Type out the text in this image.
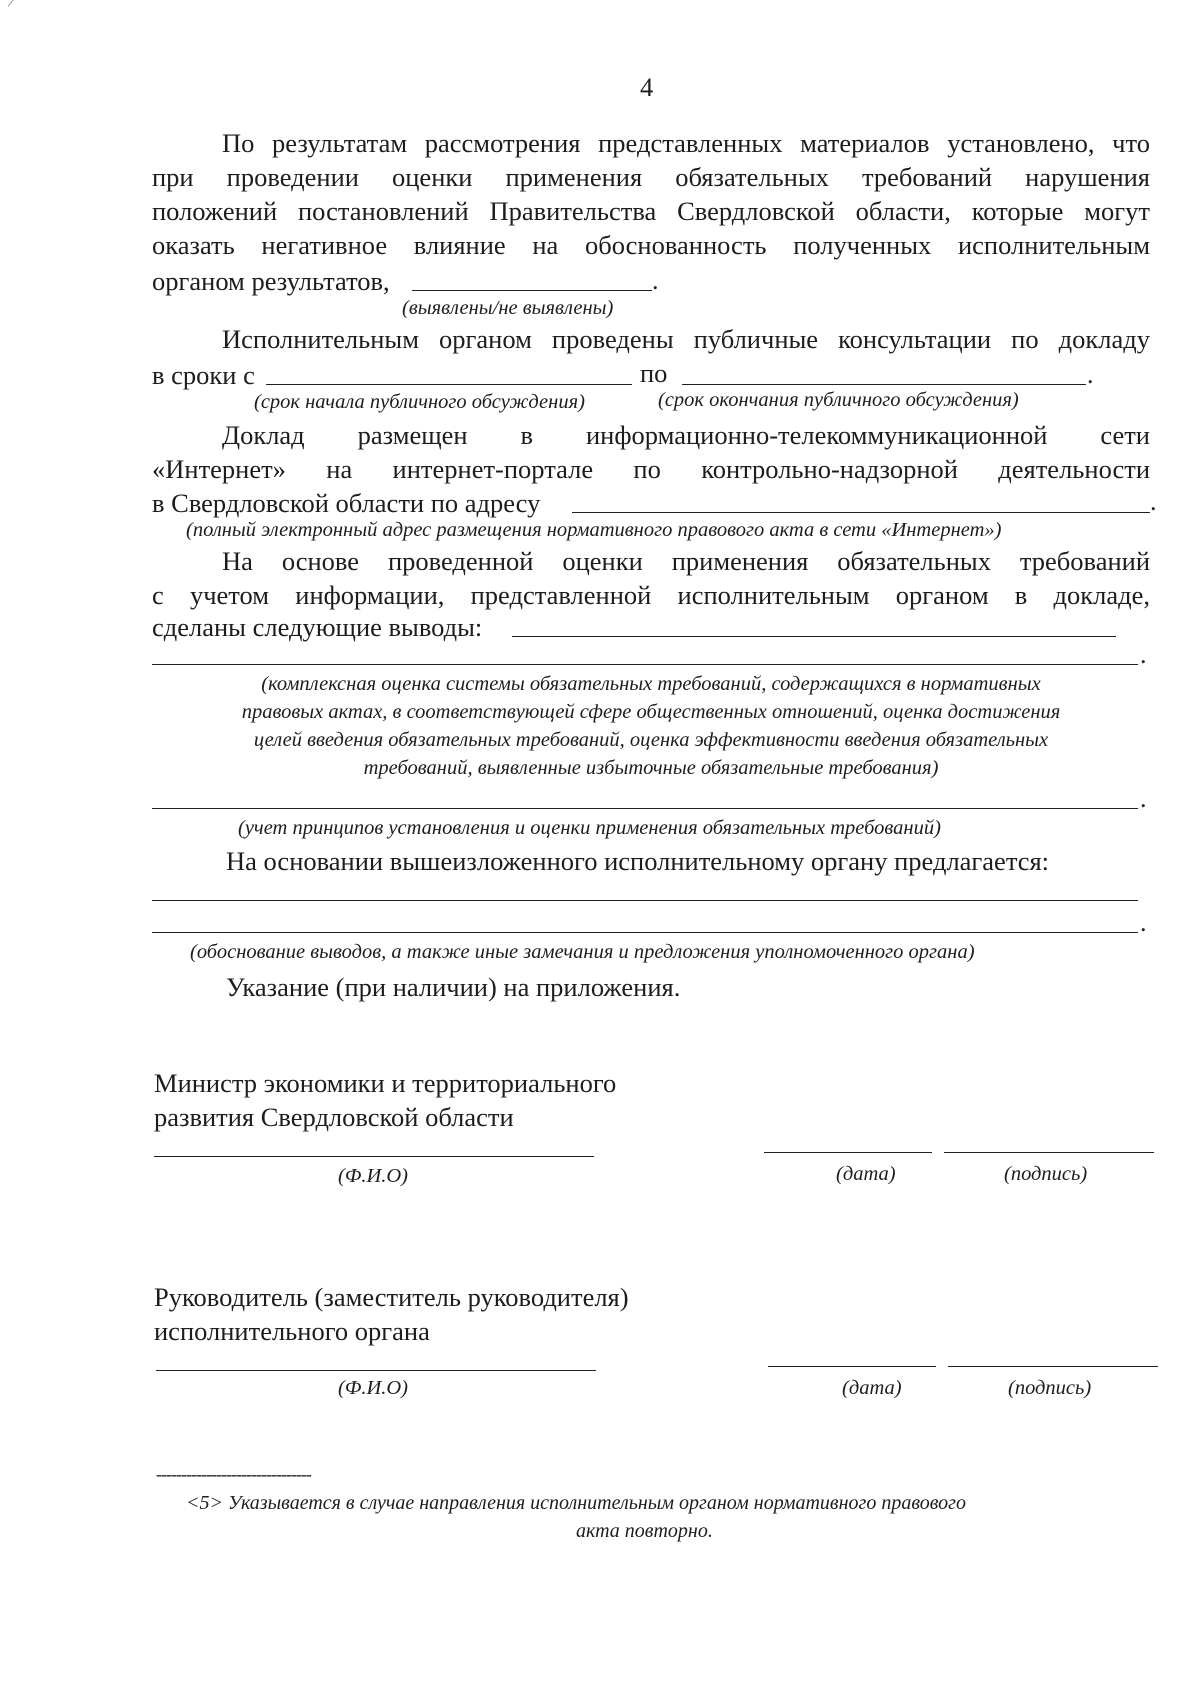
4
По результатам рассмотрения представленных материалов установлено, что
при проведении оценки применения обязательных требований нарушения
положений постановлений Правительства Свердловской области, которые могут
оказать негативное влияние на обоснованность полученных исполнительным
органом результатов,	.
(выявлены/не выявлены)
Исполнительным органом проведены публичные консультации по докладу
в сроки с	по	.
(срок начала публичного обсуждения)	(срок окончания публичного обсуждения)
Доклад размещен в информационно-телекоммуникационной сети
«Интернет» на интернет-портале по контрольно-надзорной деятельности
в Свердловской области по адресу	.
(полный электронный адрес размещения нормативного правового акта в сети «Интернет»)
На основе проведенной оценки применения обязательных требований
с учетом информации, представленной исполнительным органом в докладе,
сделаны следующие выводы:
.
(комплексная оценка системы обязательных требований, содержащихся в нормативных
правовых актах, в соответствующей сфере общественных отношений, оценка достижения
целей введения обязательных требований, оценка эффективности введения обязательных
требований, выявленные избыточные обязательные требования)
.
(учет принципов установления и оценки применения обязательных требований)
На основании вышеизложенного исполнительному органу предлагается:
.
(обоснование выводов, а также иные замечания и предложения уполномоченного органа)
Указание (при наличии) на приложения.
Министр экономики и территориального
развития Свердловской области
(Ф.И.О)	(дата)	(подпись)
Руководитель (заместитель руководителя)
исполнительного органа
(Ф.И.О)	(дата)	(подпись)
-------------------------------
<5> Указывается в случае направления исполнительным органом нормативного правового
акта повторно.
